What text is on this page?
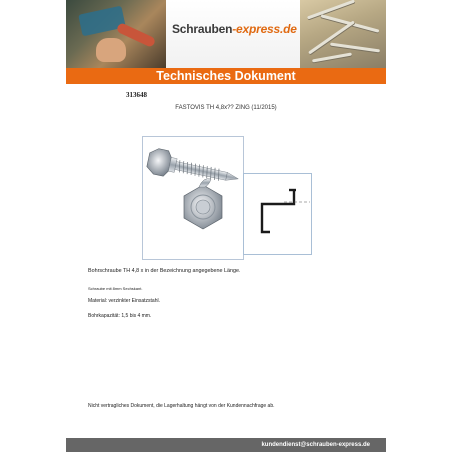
Schrauben-express.de
Technisches Dokument
313648
FASTOVIS TH 4,8x?? ZING (11/2015)
Bohrschraube TH 4,8 x in der Bezeichnung angegebene Länge.
Schraube mit 8mm Sechskant.
Material: verzinkter Einsatzstahl.
Bohrkapazität: 1,5 bis 4 mm.
Nicht vertragliches Dokument, die Lagerhaltung hängt von der Kundennachfrage ab.
kundendienst@schrauben-express.de
